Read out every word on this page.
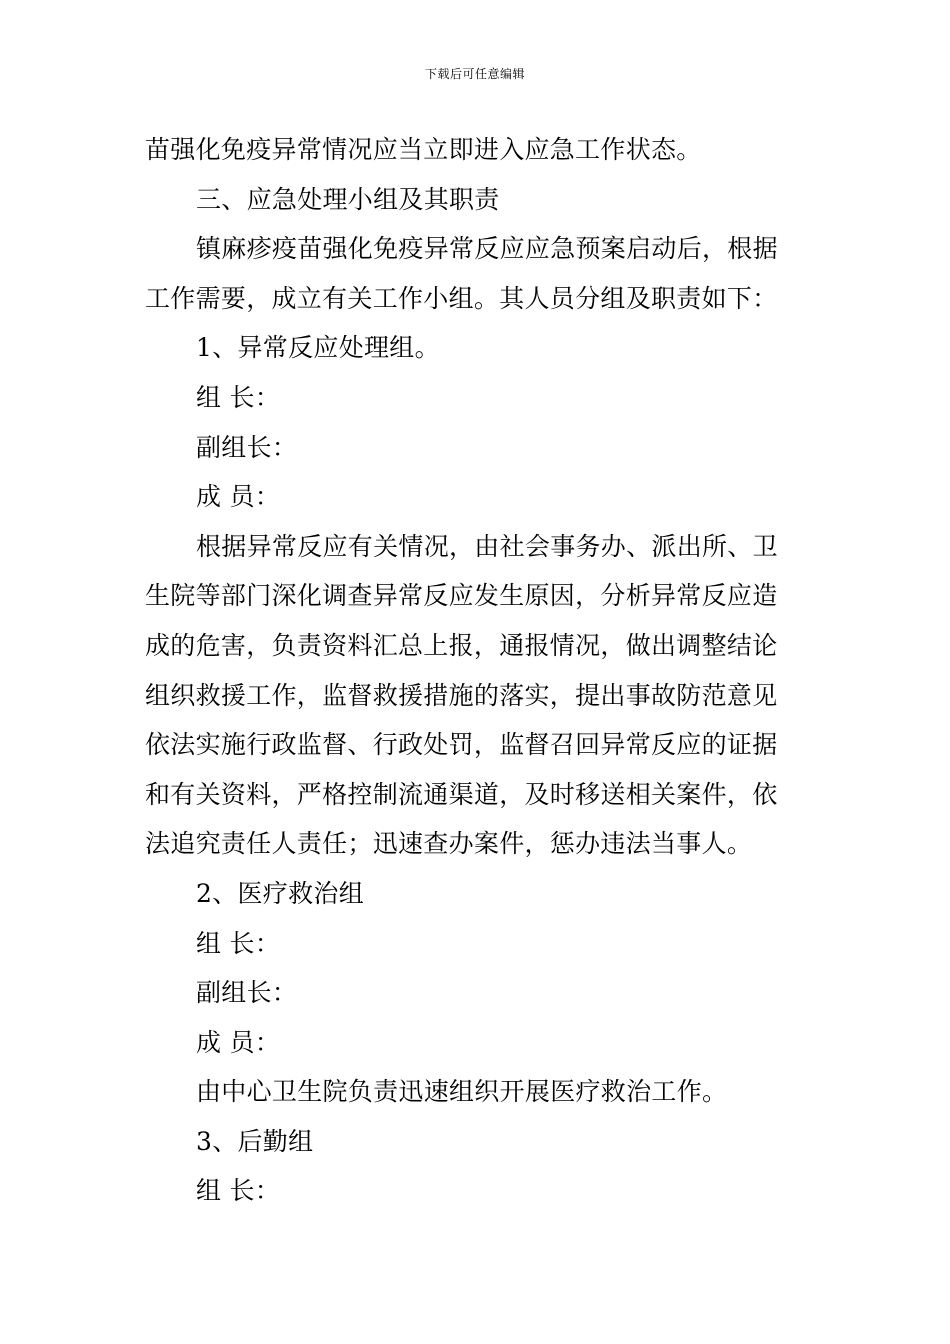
下载后可任意编辑
苗强化免疫异常情况应当立即进入应急工作状态。
三、应急处理小组及其职责
镇麻疹疫苗强化免疫异常反应应急预案启动后，根据
工作需要，成立有关工作小组。其人员分组及职责如下：
1、异常反应处理组。
组 长：
副组长：
成 员：
根据异常反应有关情况，由社会事务办、派出所、卫
生院等部门深化调查异常反应发生原因，分析异常反应造
成的危害，负责资料汇总上报，通报情况，做出调整结论
组织救援工作，监督救援措施的落实，提出事故防范意见
依法实施行政监督、行政处罚，监督召回异常反应的证据
和有关资料，严格控制流通渠道，及时移送相关案件，依
法追究责任人责任；迅速查办案件，惩办违法当事人。
2、医疗救治组
组 长：
副组长：
成 员：
由中心卫生院负责迅速组织开展医疗救治工作。
3、后勤组
组 长：
